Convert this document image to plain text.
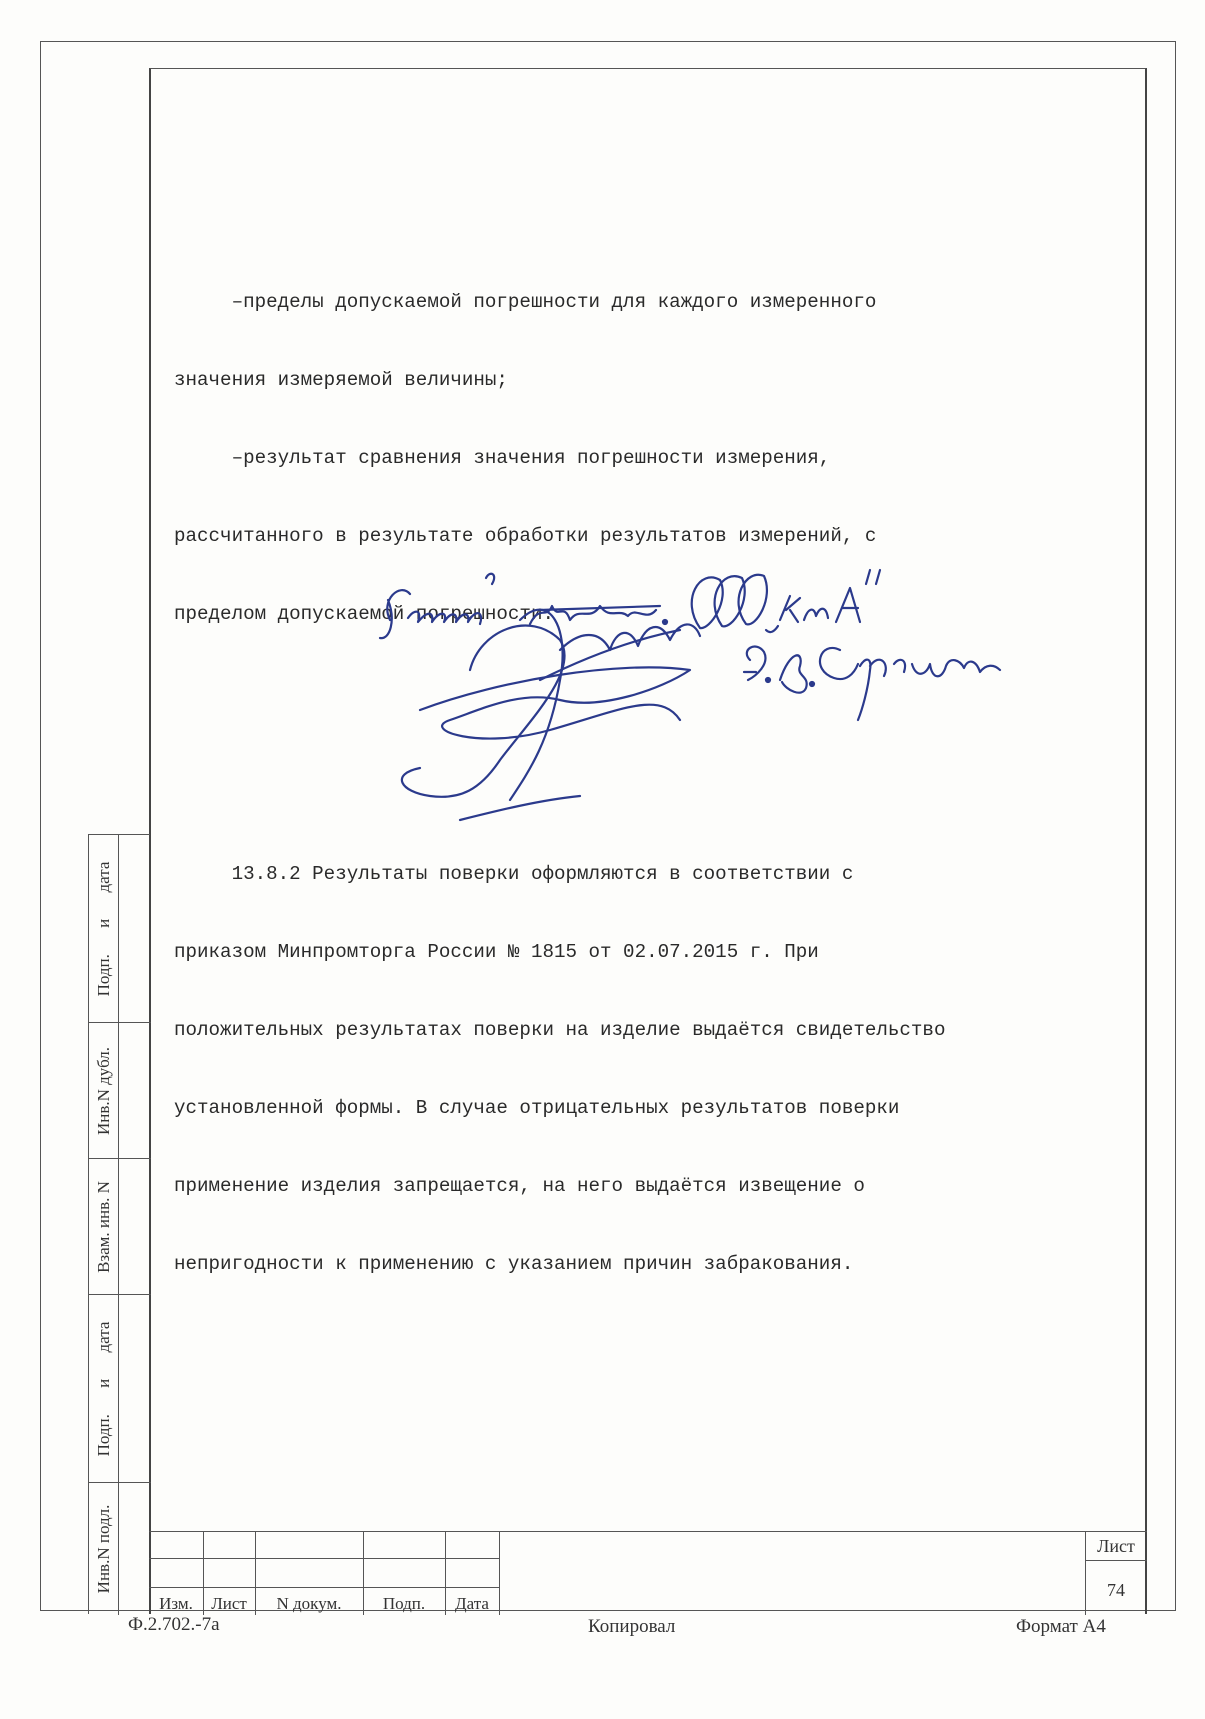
–пределы допускаемой погрешности для каждого измеренного

значения измеряемой величины;

–результат сравнения значения погрешности измерения,

рассчитанного в результате обработки результатов измерений, с

пределом допускаемой погрешности.

13.8.2 Результаты поверки оформляются в соответствии с

приказом Минпромторга России № 1815 от 02.07.2015 г. При

положительных результатах поверки на изделие выдаётся свидетельство

установленной формы. В случае отрицательных результатов поверки

применение изделия запрещается, на него выдаётся извещение о

непригодности к применению с указанием причин забракования.

Подп. и дата
Инв.N дубл.
Взам. инв. N
Подп. и дата
Инв.N подл.
Изм.	Лист	N докум.	Подп.	Дата
Лист
74
Ф.2.702.-7а	Копировал	Формат А4
